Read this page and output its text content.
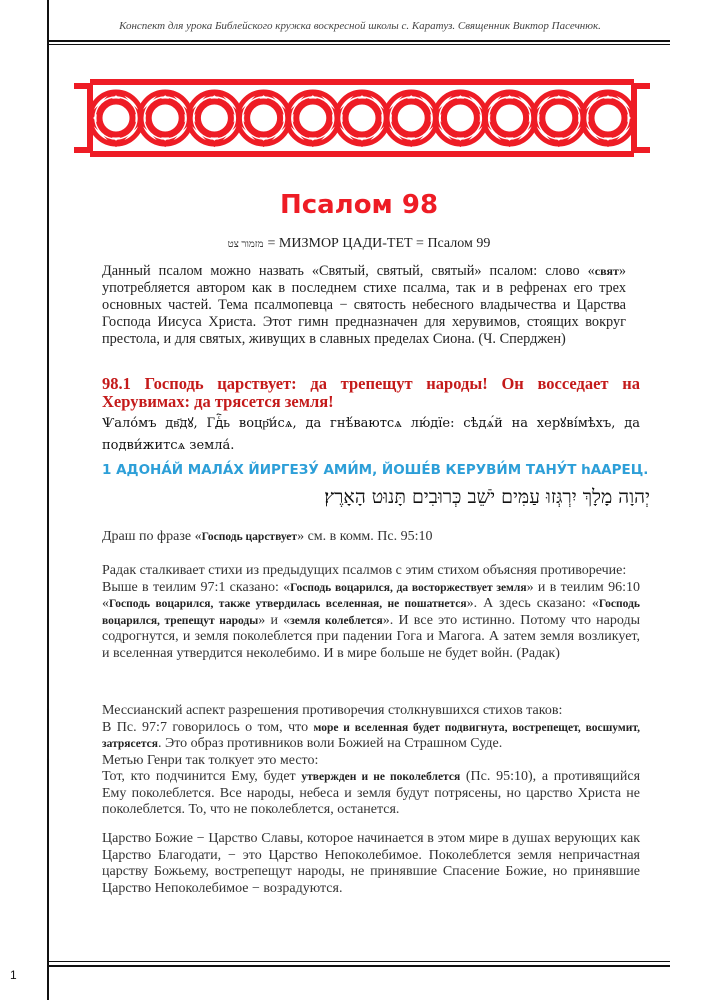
Конспект для урока Библейского кружка воскресной школы с. Каратуз. Священник Виктор Пасечнюк.
Псалом 98
מזמור צט = МИЗМОР ЦАДИ-ТЕТ = Псалом 99
Данный псалом можно назвать «Святый, святый, святый» псалом: слово «свят» употребляется автором как в последнем стихе псалма, так и в рефренах его трех основных частей. Тема псалмопевца − святость небесного владычества и Царства Господа Иисуса Христа. Этот гимн предназначен для херувимов, стоящих вокруг престола, и для святых, живущих в славных пределах Сиона. (Ч. Сперджен)
98.1 Господь царствует: да трепещут народы! Он восседает на Херувимах: да трясется земля!
Ѱало́мъ дв҃дꙋ, Гдⷭ҇ь воцр҃и́сѧ, да гнѣ́ваютсѧ лю́дїе: сѣдѧ́й на херꙋві́мѣхъ, да подви́житсѧ земла́.
1 АДОНА́Й МАЛА́Х ЙИРГЕЗУ́ АМИ́М, ЙОШЕ́В КЕРУВИ́М ТАНУ́Т hААРЕЦ.
יְהוָה מָלָךְ יִרְגְּזוּ עַמִּים יֹשֵׁב כְּרוּבִים תָּנוּט הָאָרֶץ׃
Драш по фразе «Господь царствует» см. в комм. Пс. 95:10
Радак сталкивает стихи из предыдущих псалмов с этим стихом объясняя противоречие:
Выше в теилим 97:1 сказано: «Господь воцарился, да восторжествует земля» и в теилим 96:10 «Господь воцарился, также утвердилась вселенная, не пошатнется». А здесь сказано: «Господь воцарился, трепещут народы» и «земля колеблется». И все это истинно. Потому что народы содрогнутся, и земля поколеблется при падении Гога и Магога. А затем земля возликует, и вселенная утвердится неколебимо. И в мире больше не будет войн. (Радак)
Мессианский аспект разрешения противоречия столкнувшихся стихов таков:
В Пс. 97:7 говорилось о том, что море и вселенная будет подвигнута, вострепещет, восшумит, затрясется. Это образ противников воли Божией на Страшном Суде.
Метью Генри так толкует это место:
Тот, кто подчинится Ему, будет утвержден и не поколеблется (Пс. 95:10), а противящийся Ему поколеблется. Все народы, небеса и земля будут потрясены, но царство Христа не поколеблется. То, что не поколеблется, останется.
Царство Божие − Царство Славы, которое начинается в этом мире в душах верующих как Царство Благодати, − это Царство Непоколебимое. Поколеблется земля непричастная царству Божьему, вострепещут народы, не принявшие Спасение Божие, но принявшие Царство Непоколебимое − возрадуются.
1
